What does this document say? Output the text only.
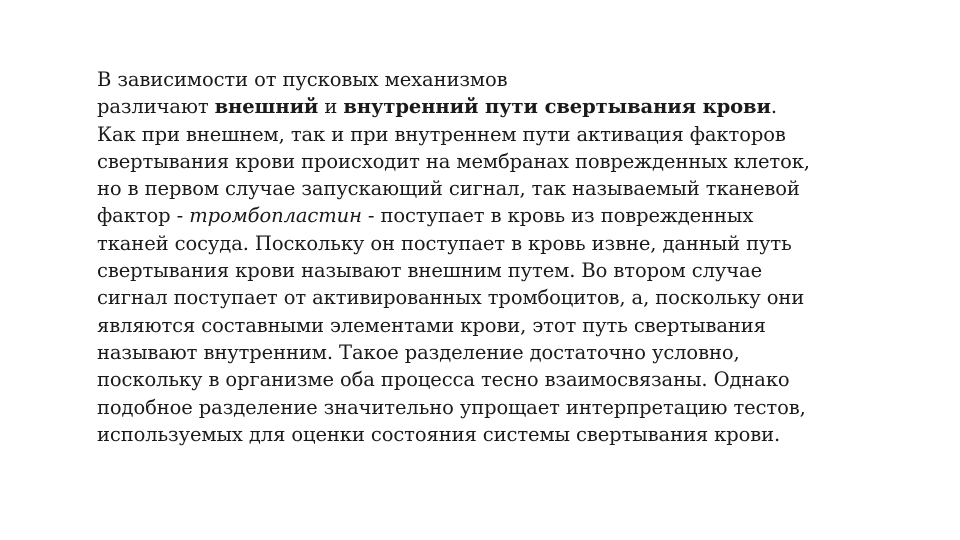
В зависимости от пусковых механизмов
различают внешний и внутренний пути свертывания крови.
Как при внешнем, так и при внутреннем пути активация факторов
свертывания крови происходит на мембранах поврежденных клеток,
но в первом случае запускающий сигнал, так называемый тканевой
фактор - тромбопластин - поступает в кровь из поврежденных
тканей сосуда. Поскольку он поступает в кровь извне, данный путь
свертывания крови называют внешним путем. Во втором случае
сигнал поступает от активированных тромбоцитов, а, поскольку они
являются составными элементами крови, этот путь свертывания
называют внутренним. Такое разделение достаточно условно,
поскольку в организме оба процесса тесно взаимосвязаны. Однако
подобное разделение значительно упрощает интерпретацию тестов,
используемых для оценки состояния системы свертывания крови.
